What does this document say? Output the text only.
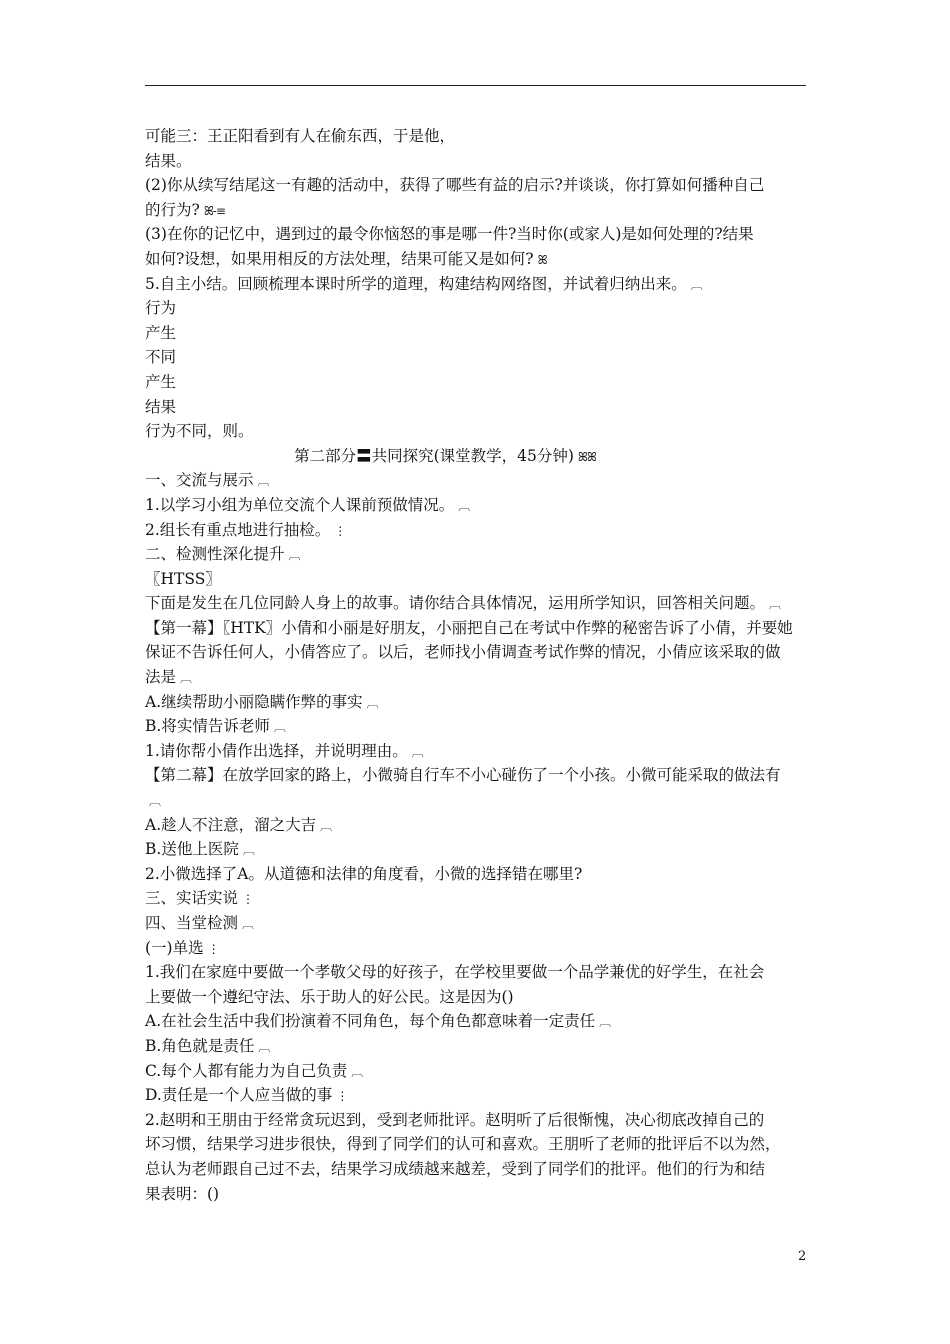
可能三：王正阳看到有人在偷东西，于是他，
结果。
(2)你从续写结尾这一有趣的活动中，获得了哪些有益的启示?并谈谈，你打算如何播种自己
的行为? ꕤ-≡
(3)在你的记忆中，遇到过的最令你恼怒的事是哪一件?当时你(或家人)是如何处理的?结果
如何?设想，如果用相反的方法处理，结果可能又是如何? ꕤ
5.自主小结。回顾梳理本课时所学的道理，构建结构网络图，并试着归纳出来。 ︹
行为
产生
不同
产生
结果
行为不同，则。
第二部分〓共同探究(课堂教学，45分钟) ꕤꕤ
一、交流与展示 ︹
1.以学习小组为单位交流个人课前预做情况。 ︹
2.组长有重点地进行抽检。 ⋮
二、检测性深化提升 ︹
〖HTSS〗
下面是发生在几位同龄人身上的故事。请你结合具体情况，运用所学知识，回答相关问题。 ︹
【第一幕】〖HTK〗小倩和小丽是好朋友，小丽把自己在考试中作弊的秘密告诉了小倩，并要她
保证不告诉任何人，小倩答应了。以后，老师找小倩调查考试作弊的情况，小倩应该采取的做
法是 ︹
A.继续帮助小丽隐瞒作弊的事实 ︹
B.将实情告诉老师 ︹
1.请你帮小倩作出选择，并说明理由。 ︹
【第二幕】在放学回家的路上，小微骑自行车不小心碰伤了一个小孩。小微可能采取的做法有
︹
A.趁人不注意，溜之大吉 ︹
B.送他上医院 ︹
2.小微选择了A。从道德和法律的角度看，小微的选择错在哪里?
三、实话实说 ⋮
四、当堂检测 ︹
(一)单选 ⋮
1.我们在家庭中要做一个孝敬父母的好孩子，在学校里要做一个品学兼优的好学生，在社会
上要做一个遵纪守法、乐于助人的好公民。这是因为()
A.在社会生活中我们扮演着不同角色，每个角色都意味着一定责任 ︹
B.角色就是责任 ︹
C.每个人都有能力为自己负责 ︹
D.责任是一个人应当做的事 ⋮
2.赵明和王朋由于经常贪玩迟到，受到老师批评。赵明听了后很惭愧，决心彻底改掉自己的
坏习惯，结果学习进步很快，得到了同学们的认可和喜欢。王朋听了老师的批评后不以为然，
总认为老师跟自己过不去，结果学习成绩越来越差，受到了同学们的批评。他们的行为和结
果表明：()
2
